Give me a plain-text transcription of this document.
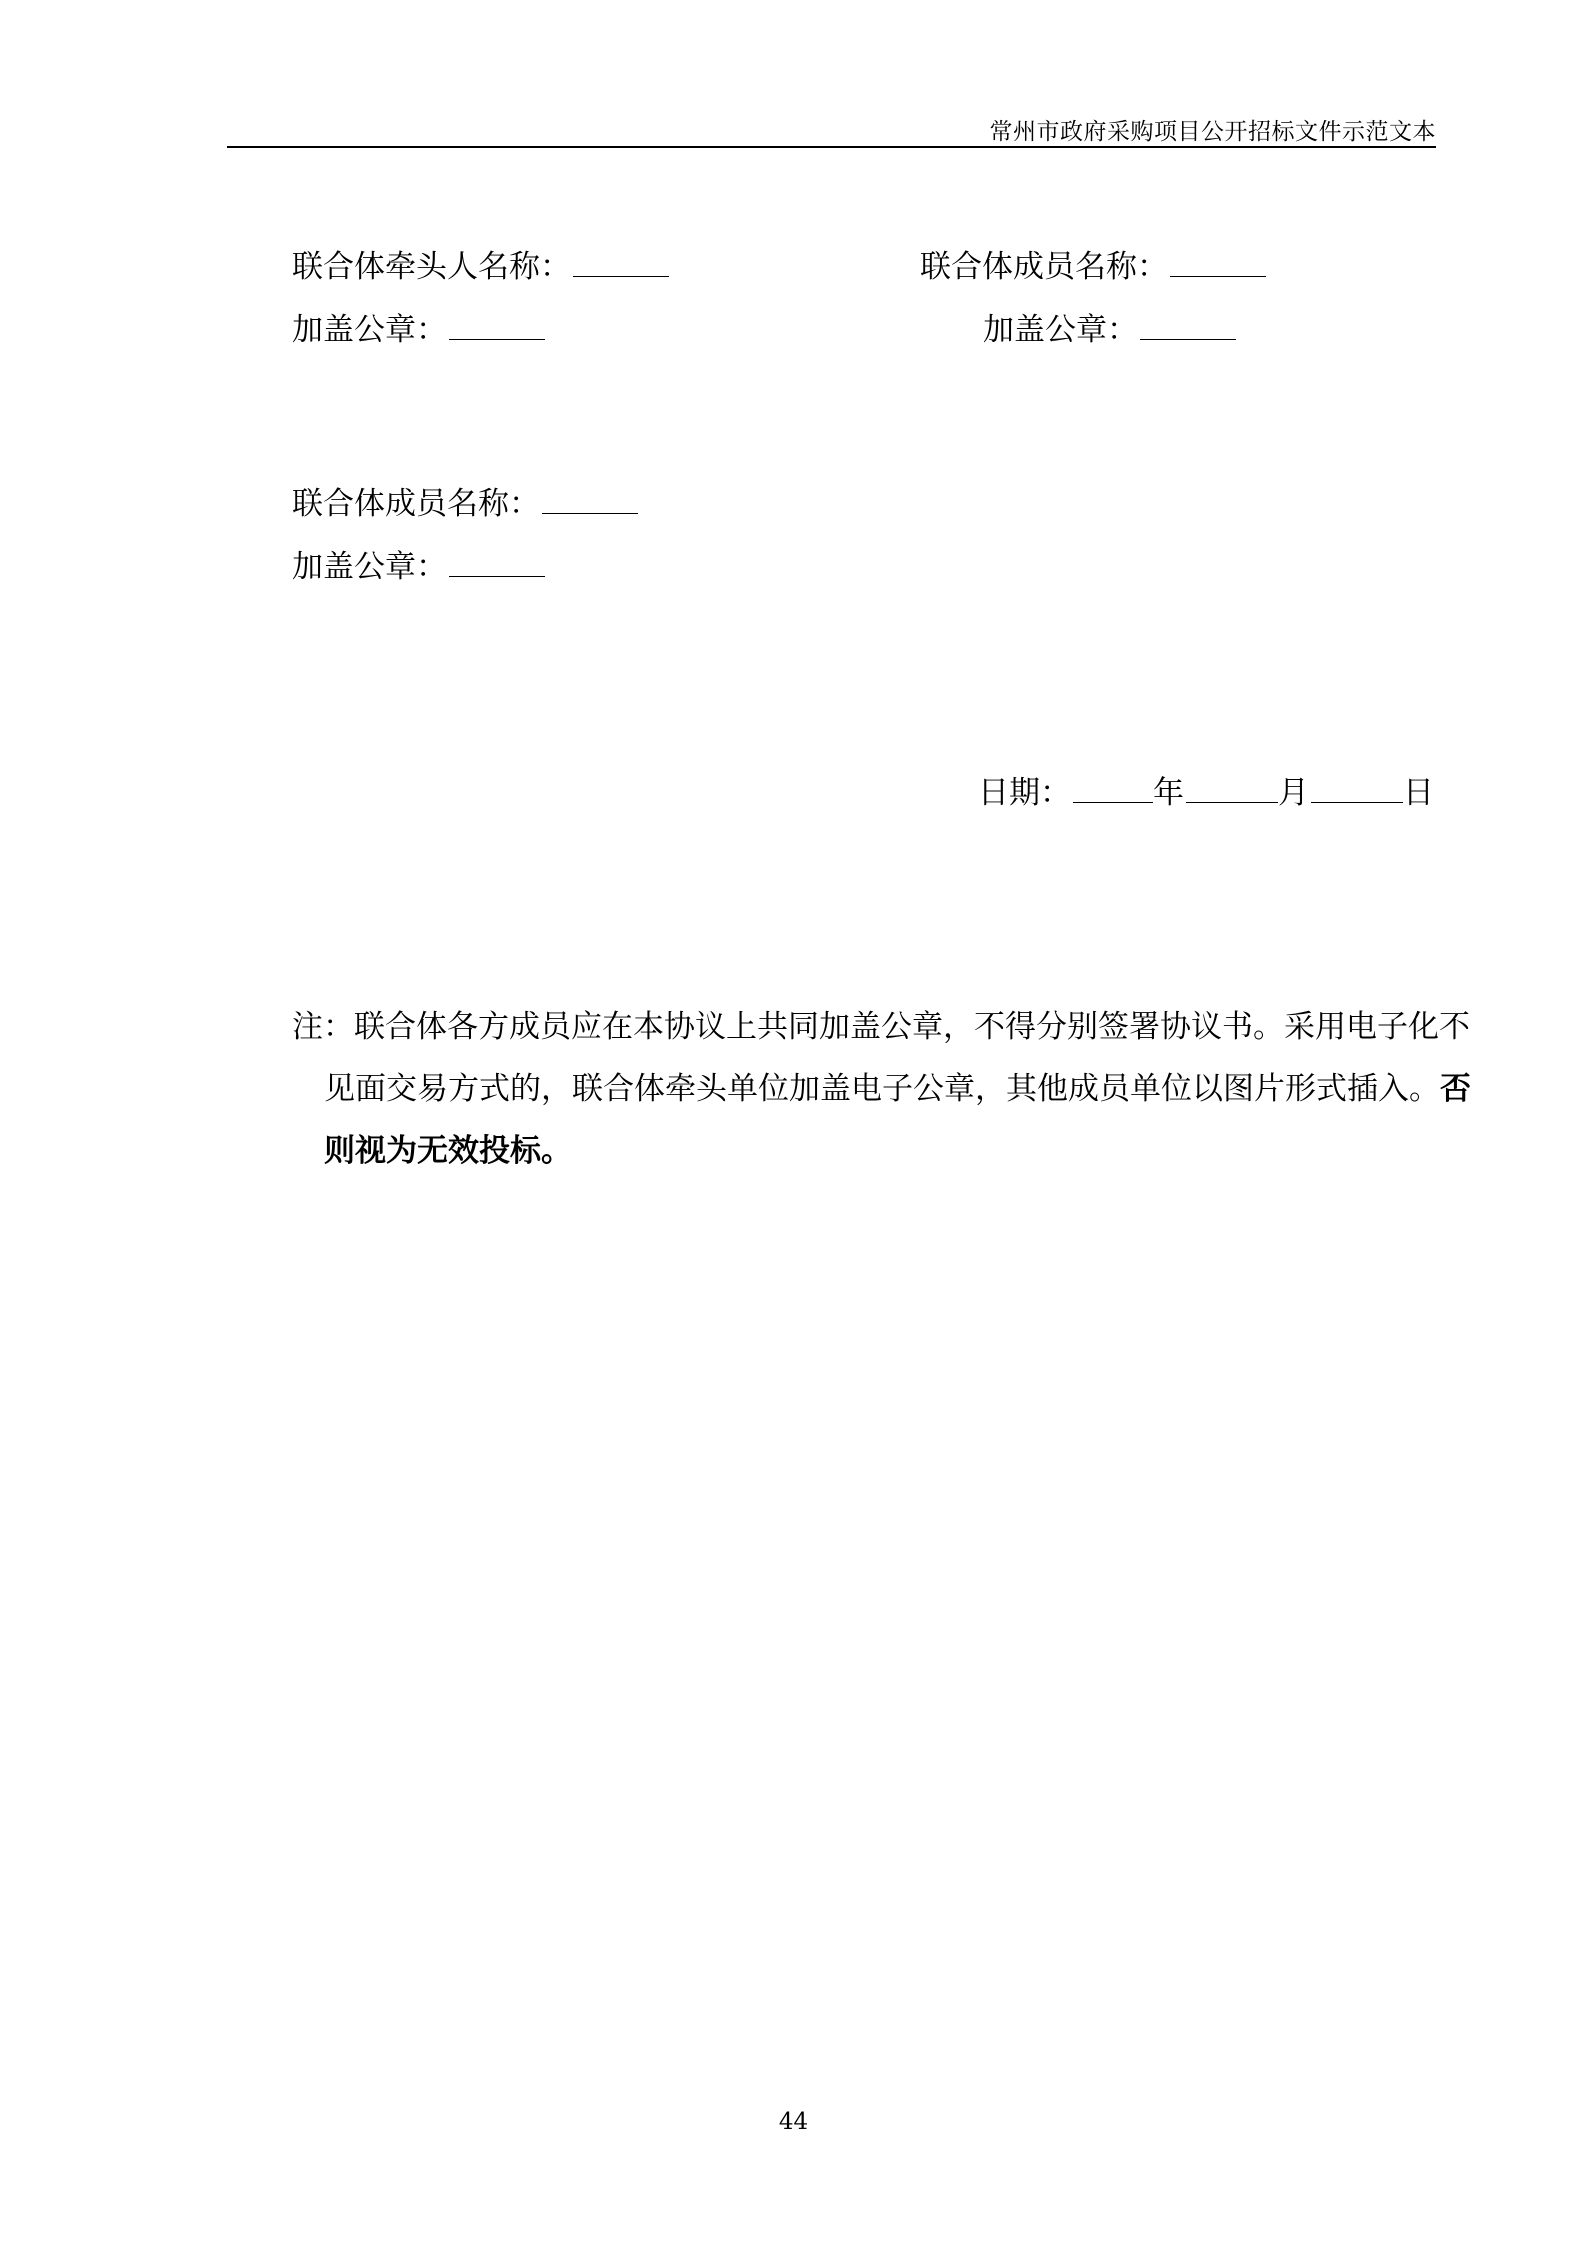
常州市政府采购项目公开招标文件示范文本
联合体牵头人名称：
加盖公章：
联合体成员名称：
加盖公章：
联合体成员名称：
加盖公章：
日期：	年	月	日
注：联合体各方成员应在本协议上共同加盖公章，不得分别签署协议书。采用电子化不见面交易方式的，联合体牵头单位加盖电子公章，其他成员单位以图片形式插入。否则视为无效投标。
44
